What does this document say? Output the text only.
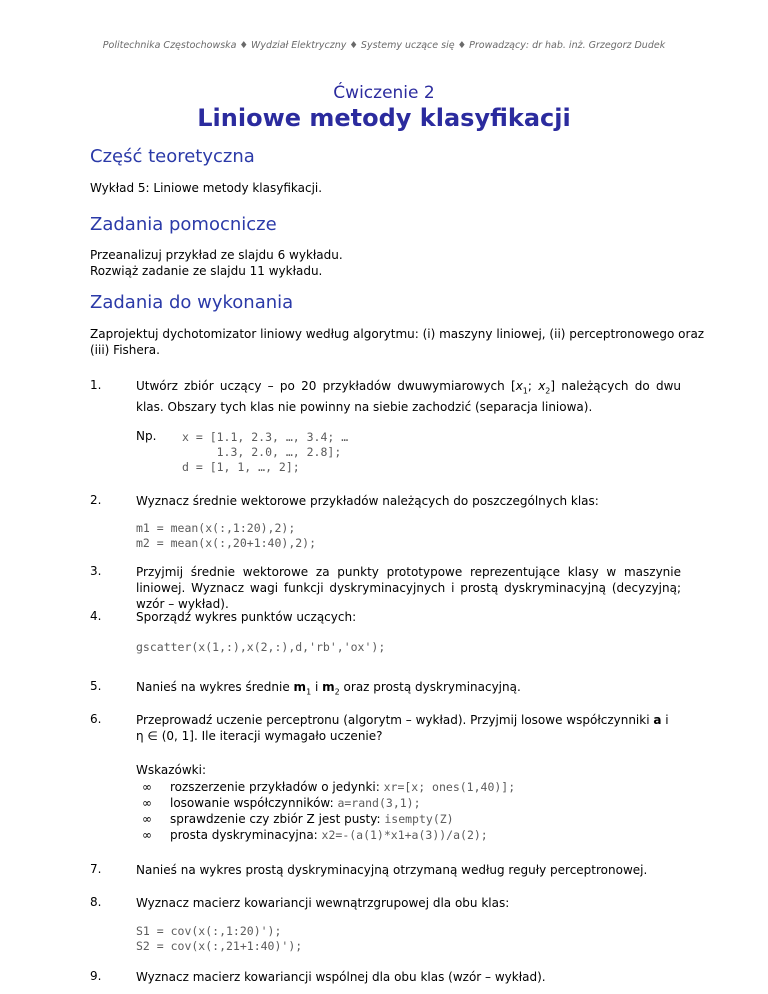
Politechnika Częstochowska ♦ Wydział Elektryczny ♦ Systemy uczące się ♦ Prowadzący: dr hab. inż. Grzegorz Dudek
Ćwiczenie 2
Liniowe metody klasyfikacji
Część teoretyczna

Wykład 5: Liniowe metody klasyfikacji.

Zadania pomocnicze

Przeanalizuj przykład ze slajdu 6 wykładu.

Rozwiąż zadanie ze slajdu 11 wykładu.

Zadania do wykonania

Zaprojektuj dychotomizator liniowy według algorytmu: (i) maszyny liniowej, (ii) perceptronowego oraz

(iii) Fishera.

1.	Utwórz zbiór uczący – po 20 przykładów dwuwymiarowych [$x_1$; $x_2$] należących do dwu klas. Obszary tych klas nie powinny na siebie zachodzić (separacja liniowa).
Np. x = [1.1, 2.3, …, 3.4; …
1.3, 2.0, …, 2.8];
d = [1, 1, …, 2];
2.	Wyznacz średnie wektorowe przykładów należących do poszczególnych klas:
m1 = mean(x(:,1:20),2);
m2 = mean(x(:,20+1:40),2);
3.	Przyjmij średnie wektorowe za punkty prototypowe reprezentujące klasy w maszynie liniowej. Wyznacz wagi funkcji dyskryminacyjnych i prostą dyskryminacyjną (decyzyjną; wzór – wykład).
4.	Sporządź wykres punktów uczących:
gscatter(x(1,:),x(2,:),d,'rb','ox');
5.	Nanieś na wykres średnie $m_1$ i $m_2$ oraz prostą dyskryminacyjną.
6.	Przeprowadź uczenie perceptronu (algorytm – wykład). Przyjmij losowe współczynniki a i
η ∈ (0, 1]. Ile iteracji wymagało uczenie?
Wskazówki:
∞ rozszerzenie przykładów o jedynki: xr=[x; ones(1,40)];
∞ losowanie współczynników: a=rand(3,1);
∞ sprawdzenie czy zbiór Z jest pusty: isempty(Z)
∞ prosta dyskryminacyjna: x2=-(a(1)*x1+a(3))/a(2);
7.	Nanieś na wykres prostą dyskryminacyjną otrzymaną według reguły perceptronowej.
8.	Wyznacz macierz kowariancji wewnątrzgrupowej dla obu klas:
S1 = cov(x(:,1:20)');
S2 = cov(x(:,21+1:40)');
9.	Wyznacz macierz kowariancji wspólnej dla obu klas (wzór – wykład).
